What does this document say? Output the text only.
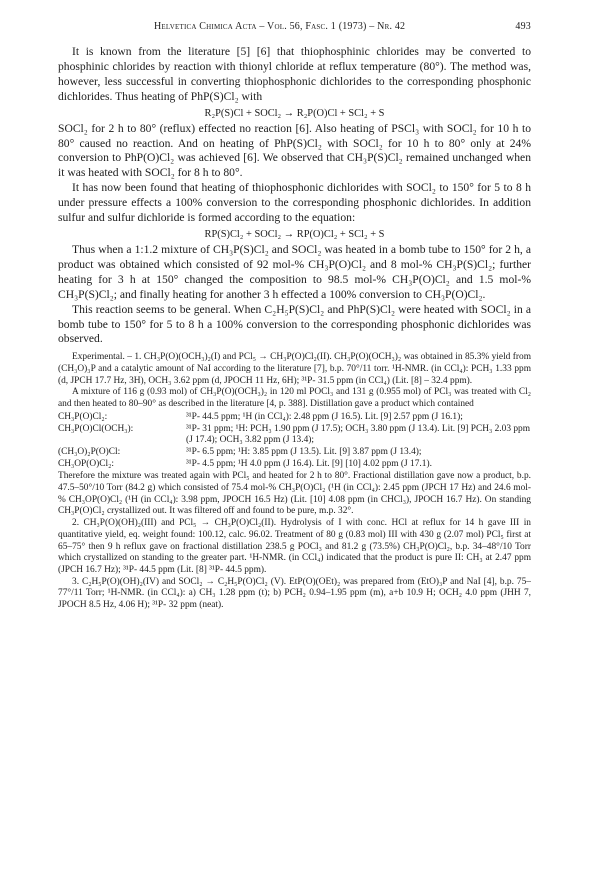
Helvetica Chimica Acta – Vol. 56, Fasc. 1 (1973) – Nr. 42	493

It is known from the literature [5] [6] that thiophosphinic chlorides may be converted to phosphinic chlorides by reaction with thionyl chloride at reflux temperature (80°). The method was, however, less successful in converting thiophosphonic dichlorides to the corresponding phosphonic dichlorides. Thus heating of PhP(S)Cl₂ with

R₂P(S)Cl + SOCl₂ → R₂P(O)Cl + SCl₂ + S

SOCl₂ for 2 h to 80° (reflux) effected no reaction [6]. Also heating of PSCl₃ with SOCl₂ for 10 h to 80° caused no reaction. And on heating of PhP(S)Cl₂ with SOCl₂ for 10 h to 80° only at 24% conversion to PhP(O)Cl₂ was achieved [6]. We observed that CH₃P(S)Cl₂ remained unchanged when it was heated with SOCl₂ for 8 h to 80°.

It has now been found that heating of thiophosphonic dichlorides with SOCl₂ to 150° for 5 to 8 h under pressure effects a 100% conversion to the corresponding phosphonic dichlorides. In addition sulfur and sulfur dichloride is formed according to the equation:

RP(S)Cl₂ + SOCl₂ → RP(O)Cl₂ + SCl₂ + S

Thus when a 1:1.2 mixture of CH₃P(S)Cl₂ and SOCl₂ was heated in a bomb tube to 150° for 2 h, a product was obtained which consisted of 92 mol-% CH₃P(O)Cl₂ and 8 mol-% CH₃P(S)Cl₂; further heating for 3 h at 150° changed the composition to 98.5 mol-% CH₃P(O)Cl₂ and 1.5 mol-% CH₃P(S)Cl₂; and finally heating for another 3 h effected a 100% conversion to CH₃P(O)Cl₂.

This reaction seems to be general. When C₂H₅P(S)Cl₂ and PhP(S)Cl₂ were heated with SOCl₂ in a bomb tube to 150° for 5 to 8 h a 100% conversion to the corresponding phosphonic dichlorides was observed.

Experimental. – 1. CH₃P(O)(OCH₃)₂(I) and PCl₅ → CH₃P(O)Cl₂(II). CH₃P(O)(OCH₃)₂ was obtained in 85.3% yield from (CH₃O)₃P and a catalytic amount of NaI according to the literature [7], b.p. 70°/11 torr. ¹H-NMR. (in CCl₄): PCH₃ 1.33 ppm (d, JPCH 17.7 Hz, 3H), OCH₃ 3.62 ppm (d, JPOCH 11 Hz, 6H); ³¹P- 31.5 ppm (in CCl₄) (Lit. [8] – 32.4 ppm).

A mixture of 116 g (0.93 mol) of CH₃P(O)(OCH₃)₂ in 120 ml POCl₃ and 131 g (0.955 mol) of PCl₃ was treated with Cl₂ and then heated to 80–90° as described in the literature [4, p. 388]. Distillation gave a product which contained

CH₃P(O)Cl₂:	³¹P- 44.5 ppm; ¹H (in CCl₄): 2.48 ppm (J 16.5). Lit. [9] 2.57 ppm (J 16.1);
CH₃P(O)Cl(OCH₃):	³¹P- 31 ppm; ¹H: PCH₃ 1.90 ppm (J 17.5); OCH₃ 3.80 ppm (J 13.4). Lit. [9] PCH₃ 2.03 ppm (J 17.4); OCH₃ 3.82 ppm (J 13.4);
(CH₃O)₂P(O)Cl:	³¹P- 6.5 ppm; ¹H: 3.85 ppm (J 13.5). Lit. [9] 3.87 ppm (J 13.4);
CH₃OP(O)Cl₂:	³¹P- 4.5 ppm; ¹H 4.0 ppm (J 16.4). Lit. [9] [10] 4.02 ppm (J 17.1).

Therefore the mixture was treated again with PCl₅ and heated for 2 h to 80°. Fractional distillation gave now a product, b.p. 47.5–50°/10 Torr (84.2 g) which consisted of 75.4 mol-% CH₃P(O)Cl₂ (¹H (in CCl₄): 2.45 ppm (JPCH 17 Hz) and 24.6 mol-% CH₃OP(O)Cl₂ (¹H (in CCl₄): 3.98 ppm, JPOCH 16.5 Hz) (Lit. [10] 4.08 ppm (in CHCl₃), JPOCH 16.7 Hz). On standing CH₃P(O)Cl₂ crystallized out. It was filtered off and found to be pure, m.p. 32°.

2. CH₃P(O)(OH)₂(III) and PCl₅ → CH₃P(O)Cl₂(II). Hydrolysis of I with conc. HCl at reflux for 14 h gave III in quantitative yield, eq. weight found: 100.12, calc. 96.02. Treatment of 80 g (0.83 mol) III with 430 g (2.07 mol) PCl₅ first at 65–75° then 9 h reflux gave on fractional distillation 238.5 g POCl₃ and 81.2 g (73.5%) CH₃P(O)Cl₂, b.p. 34–48°/10 Torr which crystallized on standing to the greater part. ¹H-NMR. (in CCl₄) indicated that the product is pure II: CH₃ at 2.47 ppm (JPCH 16.7 Hz); ³¹P- 44.5 ppm (Lit. [8] ³¹P- 44.5 ppm).

3. C₂H₅P(O)(OH)₂(IV) and SOCl₂ → C₂H₅P(O)Cl₂ (V). EtP(O)(OEt)₂ was prepared from (EtO)₃P and NaI [4], b.p. 75–77°/11 Torr; ¹H-NMR. (in CCl₄): a) CH₃ 1.28 ppm (t); b) PCH₂ 0.94–1.95 ppm (m), a+b 10.9 H; OCH₂ 4.0 ppm (JHH 7, JPOCH 8.5 Hz, 4.06 H); ³¹P- 32 ppm (neat).
